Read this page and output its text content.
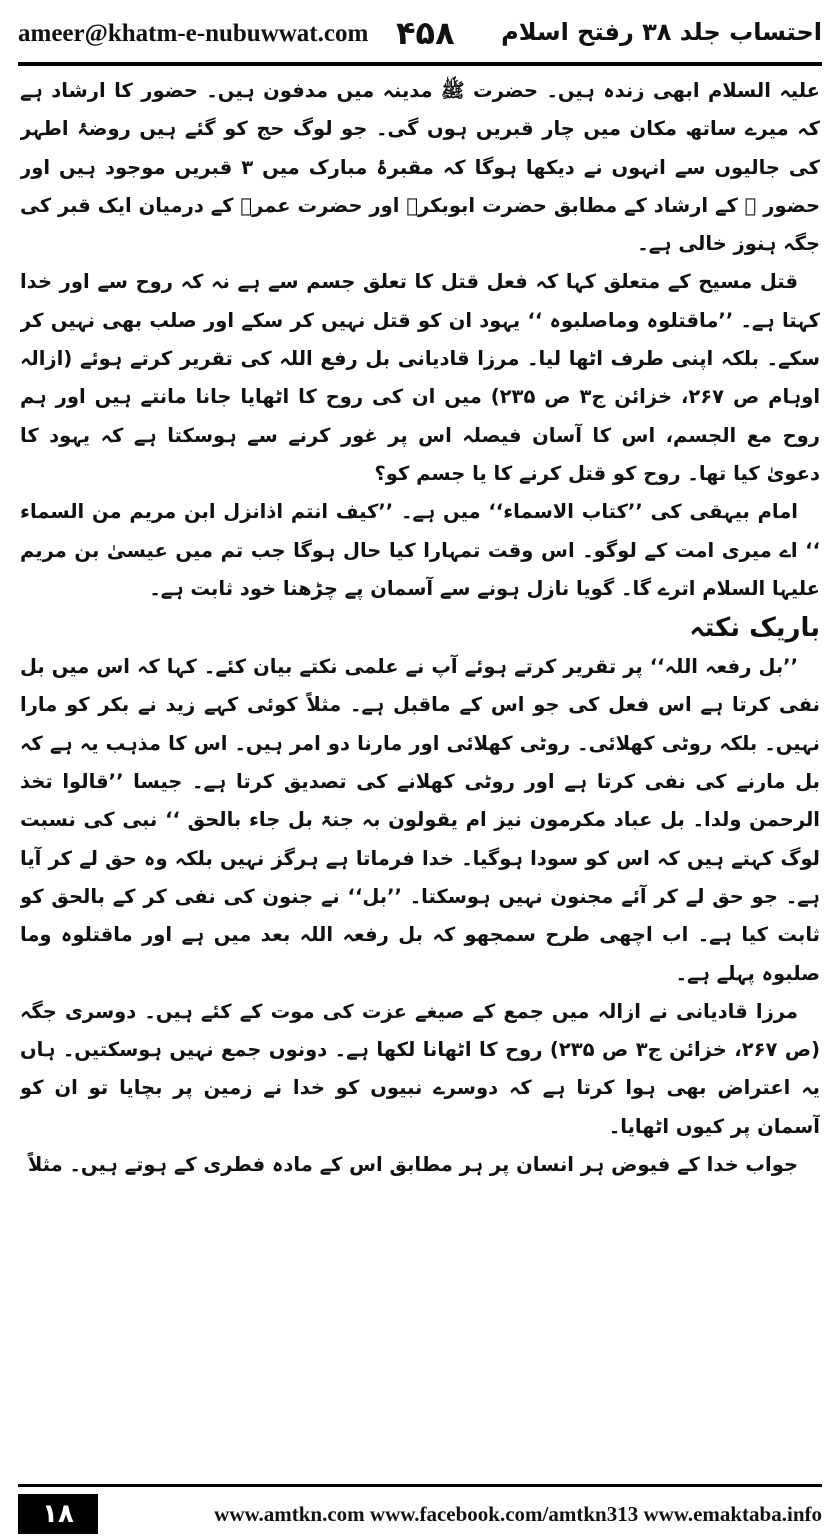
ameer@khatm-e-nubuwwat.com ۴۵۸ احتساب جلد ۳۸ رفتح اسلام

علیہ السلام ابھی زندہ ہیں۔ حضرت ﷺ مدینہ میں مدفون ہیں۔ حضور کا ارشاد ہے کہ میرے ساتھ مکان میں چار قبریں ہوں گی۔ جو لوگ حج کو گئے ہیں روضۂ اطہر کی جالیوں سے انہوں نے دیکھا ہوگا کہ مقبرۂ مبارک میں ۳ قبریں موجود ہیں اور حضور ﷺ کے ارشاد کے مطابق حضرت ابوبکرؓ اور حضرت عمرؓ کے درمیان ایک قبر کی جگہ ہنوز خالی ہے۔

قتل مسیح کے متعلق کہا کہ فعل قتل کا تعلق جسم سے ہے نہ کہ روح سے اور خدا کہتا ہے۔ ’’ماقتلوہ وماصلبوہ ‘‘ یہود ان کو قتل نہیں کر سکے اور صلب بھی نہیں کر سکے۔ بلکہ اپنی طرف اٹھا لیا۔ مرزا قادیانی بل رفع اللہ کی تقریر کرتے ہوئے (ازالہ اوہام ص ۲۶۷، خزائن ج۳ ص ۲۳۵) میں ان کی روح کا اٹھایا جانا مانتے ہیں اور ہم روح مع الجسم، اس کا آسان فیصلہ اس پر غور کرنے سے ہوسکتا ہے کہ یہود کا دعویٰ کیا تھا۔ روح کو قتل کرنے کا یا جسم کو؟

امام بیہقی کی ’’کتاب الاسماء‘‘ میں ہے۔ ’’کیف انتم اذانزل ابن مریم من السماء ‘‘ اے میری امت کے لوگو۔ اس وقت تمہارا کیا حال ہوگا جب تم میں عیسیٰ بن مریم علیہا السلام اترے گا۔ گویا نازل ہونے سے آسمان پے چڑھنا خود ثابت ہے۔

باریک نکتہ

’’بل رفعہ اللہ‘‘ پر تقریر کرتے ہوئے آپ نے علمی نکتے بیان کئے۔ کہا کہ اس میں بل نفی کرتا ہے اس فعل کی جو اس کے ماقبل ہے۔ مثلاً کوئی کہے زید نے بکر کو مارا نہیں۔ بلکہ روٹی کھلائی۔ روٹی کھلائی اور مارنا دو امر ہیں۔ اس کا مذہب یہ ہے کہ بل مارنے کی نفی کرتا ہے اور روٹی کھلانے کی تصدیق کرتا ہے۔ جیسا ’’قالوا تخذ الرحمن ولدا۔ بل عباد مکرمون نیز ام یقولون بہ جنۃ بل جاء بالحق ‘‘ نبی کی نسبت لوگ کہتے ہیں کہ اس کو سودا ہوگیا۔ خدا فرماتا ہے ہرگز نہیں بلکہ وہ حق لے کر آیا ہے۔ جو حق لے کر آئے مجنون نہیں ہوسکتا۔ ’’بل‘‘ نے جنون کی نفی کر کے بالحق کو ثابت کیا ہے۔ اب اچھی طرح سمجھو کہ بل رفعہ اللہ بعد میں ہے اور ماقتلوہ وما صلبوہ پہلے ہے۔

مرزا قادیانی نے ازالہ میں جمع کے صیغے عزت کی موت کے کئے ہیں۔ دوسری جگہ (ص ۲۶۷، خزائن ج۳ ص ۲۳۵) روح کا اٹھانا لکھا ہے۔ دونوں جمع نہیں ہوسکتیں۔ ہاں یہ اعتراض بھی ہوا کرتا ہے کہ دوسرے نبیوں کو خدا نے زمین پر بچایا تو ان کو آسمان پر کیوں اٹھایا۔

جواب خدا کے فیوض ہر انسان پر ہر مطابق اس کے مادہ فطری کے ہوتے ہیں۔ مثلاً

۱۸	www.amtkn.com www.facebook.com/amtkn313 www.emaktaba.info
